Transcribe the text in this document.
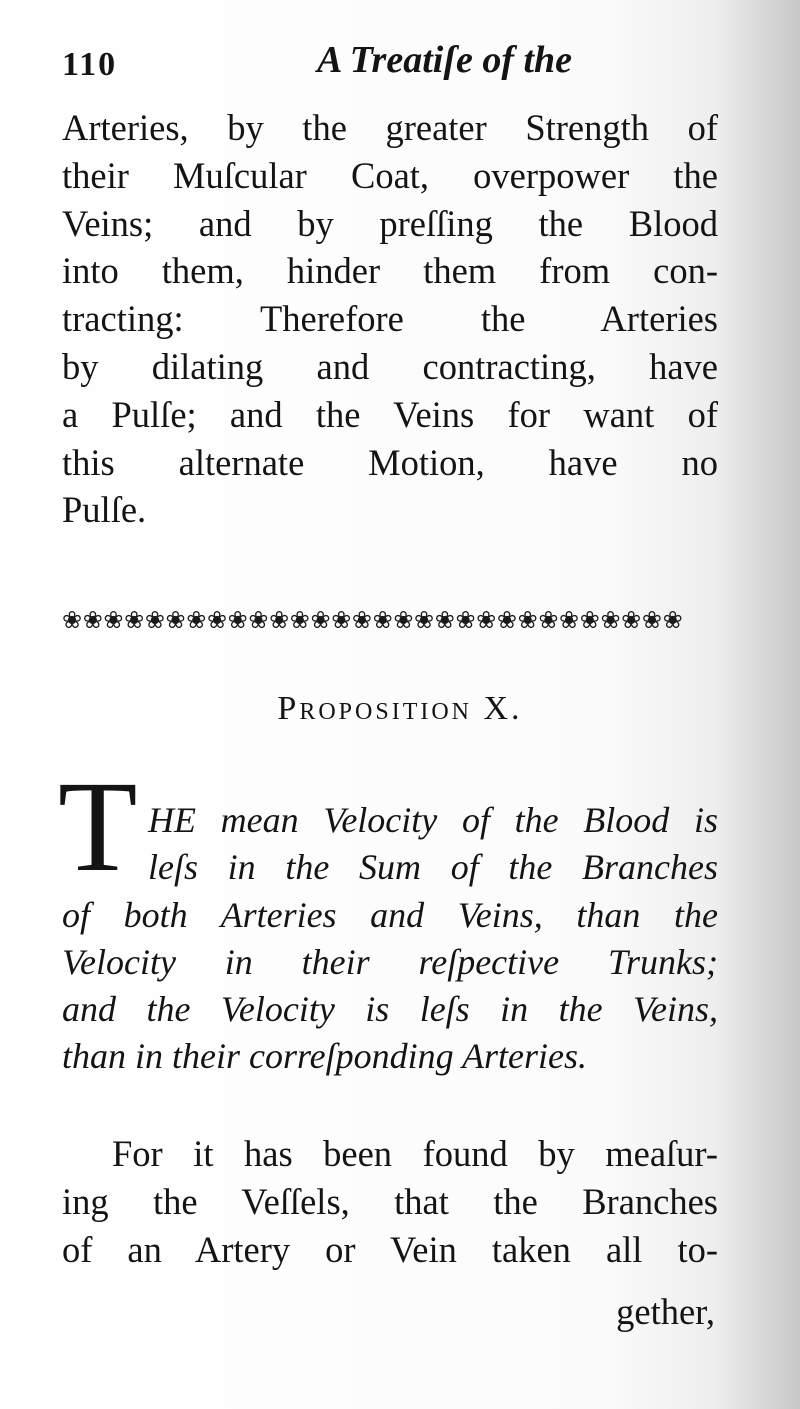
110	A Treatiſe of the

Arteries, by the greater Strength of
their Muſcular Coat, overpower the
Veins; and by preſſing the Blood
into them, hinder them from con-
tracting: Therefore the Arteries
by dilating and contracting, have
a Pulſe; and the Veins for want of
this alternate Motion, have no
Pulſe.

❀❀❀❀❀❀❀❀❀❀❀❀❀❀❀❀❀❀❀❀❀❀❀❀❀❀❀❀❀❀
Proposition X.
T HE mean Velocity of the Blood is
leſs in the Sum of the Branches
of both Arteries and Veins, than the
Velocity in their reſpective Trunks;
and the Velocity is leſs in the Veins,
than in their correſponding Arteries.

For it has been found by meaſur-
ing the Veſſels, that the Branches
of an Artery or Vein taken all to-

gether,
